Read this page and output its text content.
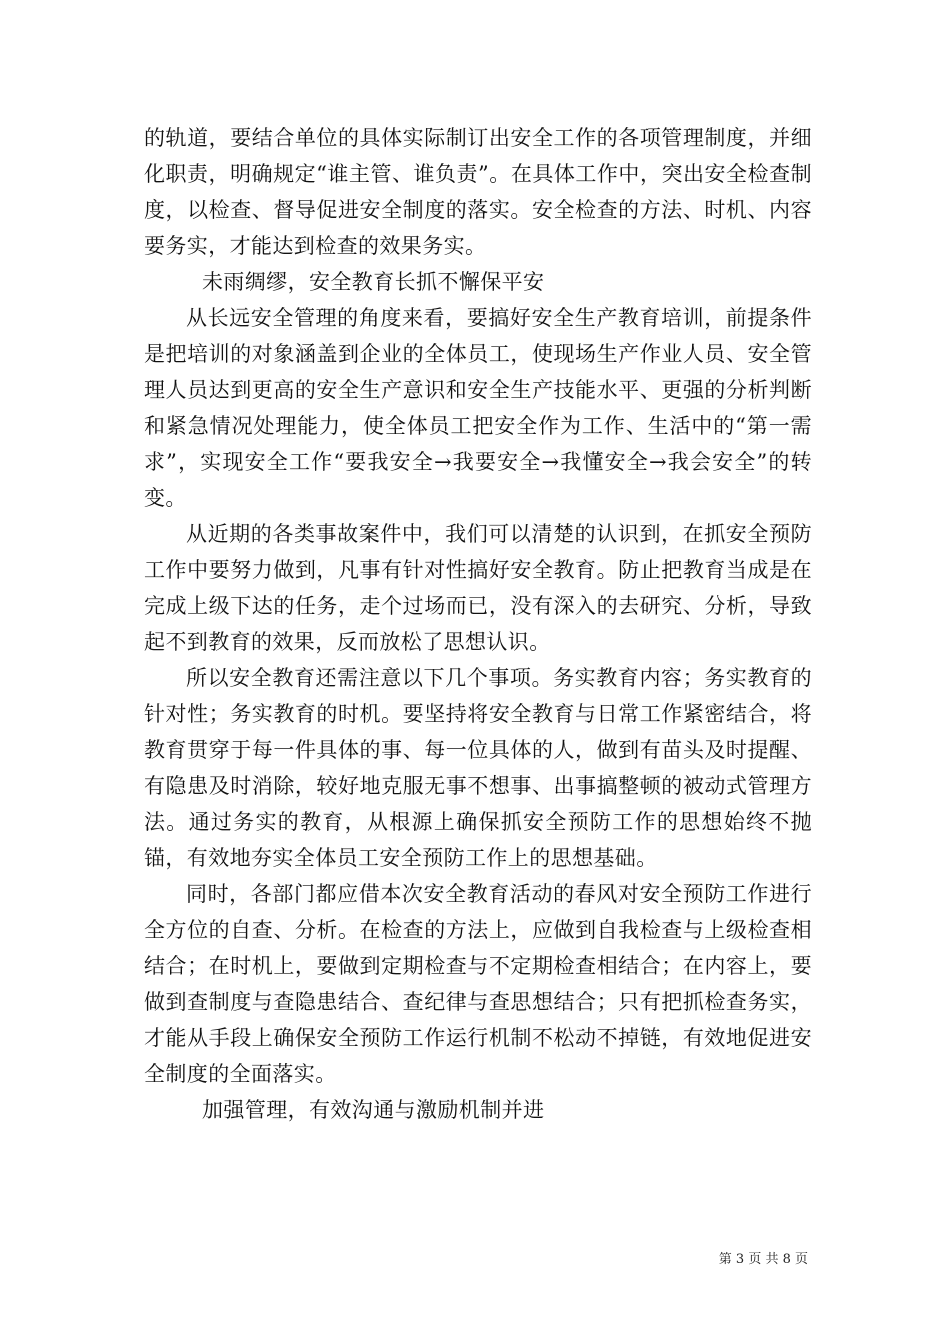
的轨道，要结合单位的具体实际制订出安全工作的各项管理制度，并细化职责，明确规定“谁主管、谁负责”。在具体工作中，突出安全检查制度，以检查、督导促进安全制度的落实。安全检查的方法、时机、内容要务实，才能达到检查的效果务实。

未雨绸缪，安全教育长抓不懈保平安

从长远安全管理的角度来看，要搞好安全生产教育培训，前提条件是把培训的对象涵盖到企业的全体员工，使现场生产作业人员、安全管理人员达到更高的安全生产意识和安全生产技能水平、更强的分析判断和紧急情况处理能力，使全体员工把安全作为工作、生活中的“第一需求”，实现安全工作“要我安全→我要安全→我懂安全→我会安全”的转变。

从近期的各类事故案件中，我们可以清楚的认识到，在抓安全预防工作中要努力做到，凡事有针对性搞好安全教育。防止把教育当成是在完成上级下达的任务，走个过场而已，没有深入的去研究、分析，导致起不到教育的效果，反而放松了思想认识。

所以安全教育还需注意以下几个事项。务实教育内容；务实教育的针对性；务实教育的时机。要坚持将安全教育与日常工作紧密结合，将教育贯穿于每一件具体的事、每一位具体的人，做到有苗头及时提醒、有隐患及时消除，较好地克服无事不想事、出事搞整顿的被动式管理方法。通过务实的教育，从根源上确保抓安全预防工作的思想始终不抛锚，有效地夯实全体员工安全预防工作上的思想基础。

同时，各部门都应借本次安全教育活动的春风对安全预防工作进行全方位的自查、分析。在检查的方法上，应做到自我检查与上级检查相结合；在时机上，要做到定期检查与不定期检查相结合；在内容上，要做到查制度与查隐患结合、查纪律与查思想结合；只有把抓检查务实，才能从手段上确保安全预防工作运行机制不松动不掉链，有效地促进安全制度的全面落实。

加强管理，有效沟通与激励机制并进

第 3 页 共 8 页
